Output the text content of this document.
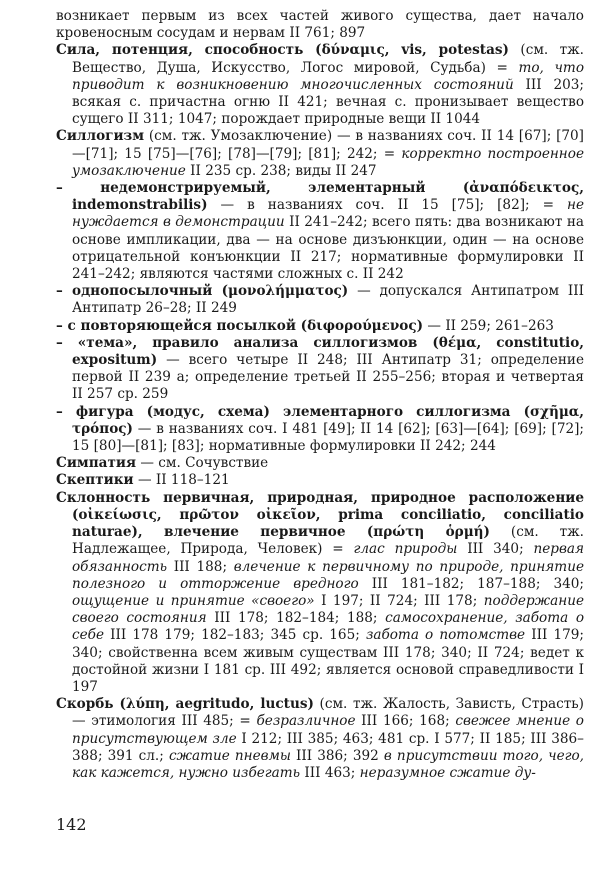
возникает первым из всех частей живого существа, дает начало кровеносным сосудам и нервам II 761; 897

Сила, потенция, способность (δύναμις, vis, potestas) (см. тж. Вещество, Душа, Искусство, Логос мировой, Судьба) = то, что приводит к возникновению многочисленных состояний III 203; всякая с. причастна огню II 421; вечная с. пронизывает вещество сущего II 311; 1047; порождает природные вещи II 1044

Силлогизм (см. тж. Умозаключение) — в названиях соч. II 14 [67]; [70]—[71]; 15 [75]—[76]; [78]—[79]; [81]; 242; = корректно построенное умозаключение II 235 ср. 238; виды II 247

– недемонстрируемый, элементарный (ἀναπόδεικτος, indemonstrabilis) — в названиях соч. II 15 [75]; [82]; = не нуждается в демонстрации II 241–242; всего пять: два возникают на основе импликации, два — на основе дизъюнкции, один — на основе отрицательной конъюнкции II 217; нормативные формулировки II 241–242; являются частями сложных с. II 242

– однопосылочный (μονολήμματος) — допускался Антипатром III Антипатр 26–28; II 249

– с повторяющейся посылкой (διφορούμενος) — II 259; 261–263

– «тема», правило анализа силлогизмов (θέμα, constitutio, expositum) — всего четыре II 248; III Антипатр 31; определение первой II 239 a; определение третьей II 255–256; вторая и четвертая II 257 ср. 259

– фигура (модус, схема) элементарного силлогизма (σχῆμα, τρόπος) — в названиях соч. I 481 [49]; II 14 [62]; [63]—[64]; [69]; [72]; 15 [80]—[81]; [83]; нормативные формулировки II 242; 244

Симпатия — см. Сочувствие

Скептики — II 118–121

Склонность первичная, природная, природное расположение (οἰκείωσις, πρῶτον οἰκεῖον, prima conciliatio, conciliatio naturae), влечение первичное (πρώτη ὁρμή) (см. тж. Надлежащее, Природа, Человек) = глас природы III 340; первая обязанность III 188; влечение к первичному по природе, принятие полезного и отторжение вредного III 181–182; 187–188; 340; ощущение и принятие «своего» I 197; II 724; III 178; поддержание своего состояния III 178; 182–184; 188; самосохранение, забота о себе III 178 179; 182–183; 345 ср. 165; забота о потомстве III 179; 340; свойственна всем живым существам III 178; 340; II 724; ведет к достойной жизни I 181 ср. III 492; является основой справедливости I 197

Скорбь (λύπη, aegritudo, luctus) (см. тж. Жалость, Зависть, Страсть) — этимология III 485; = безразличное III 166; 168; свежее мнение о присутствующем зле I 212; III 385; 463; 481 ср. I 577; II 185; III 386–388; 391 сл.; сжатие пневмы III 386; 392 в присутствии того, чего, как кажется, нужно избегать III 463; неразумное сжатие ду-

142
